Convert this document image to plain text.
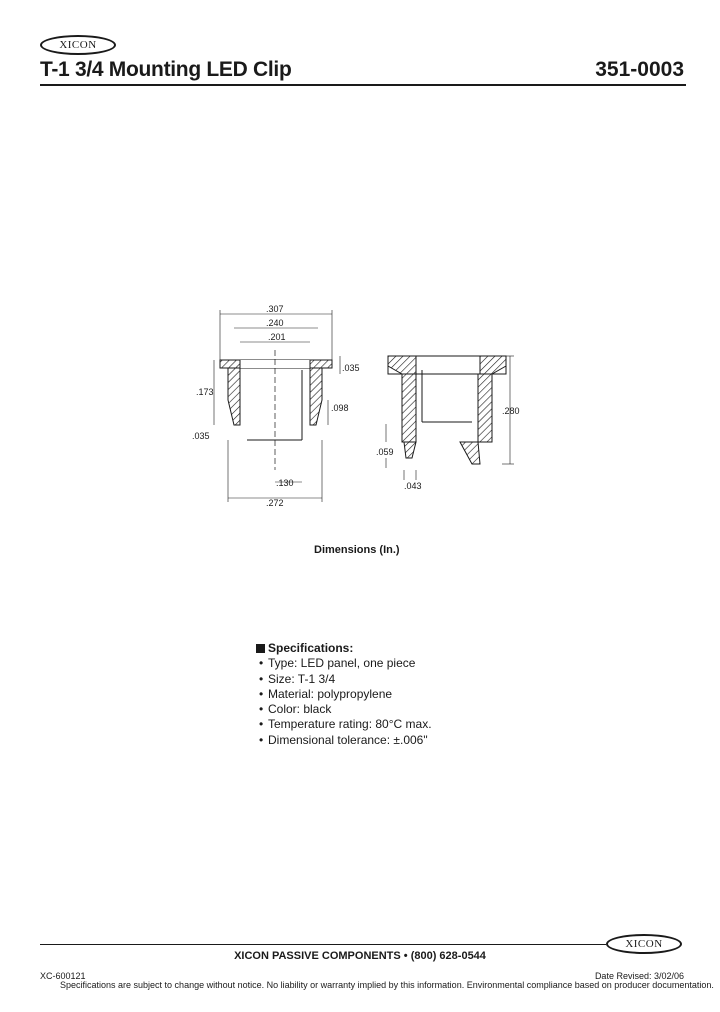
XICON
T-1 3/4 Mounting LED Clip	351-0003
.307
.240
.201
.035
.173
.098
.035
.130
.272
.280
.059
.043
Dimensions (In.)
Specifications:
• Type: LED panel, one piece
• Size: T-1 3/4
• Material: polypropylene
• Color: black
• Temperature rating: 80°C max.
• Dimensional tolerance: ±.006"
XICON
XICON PASSIVE COMPONENTS • (800) 628-0544
XC-600121	Date Revised: 3/02/06
Specifications are subject to change without notice. No liability or warranty implied by this information. Environmental compliance based on producer documentation.
